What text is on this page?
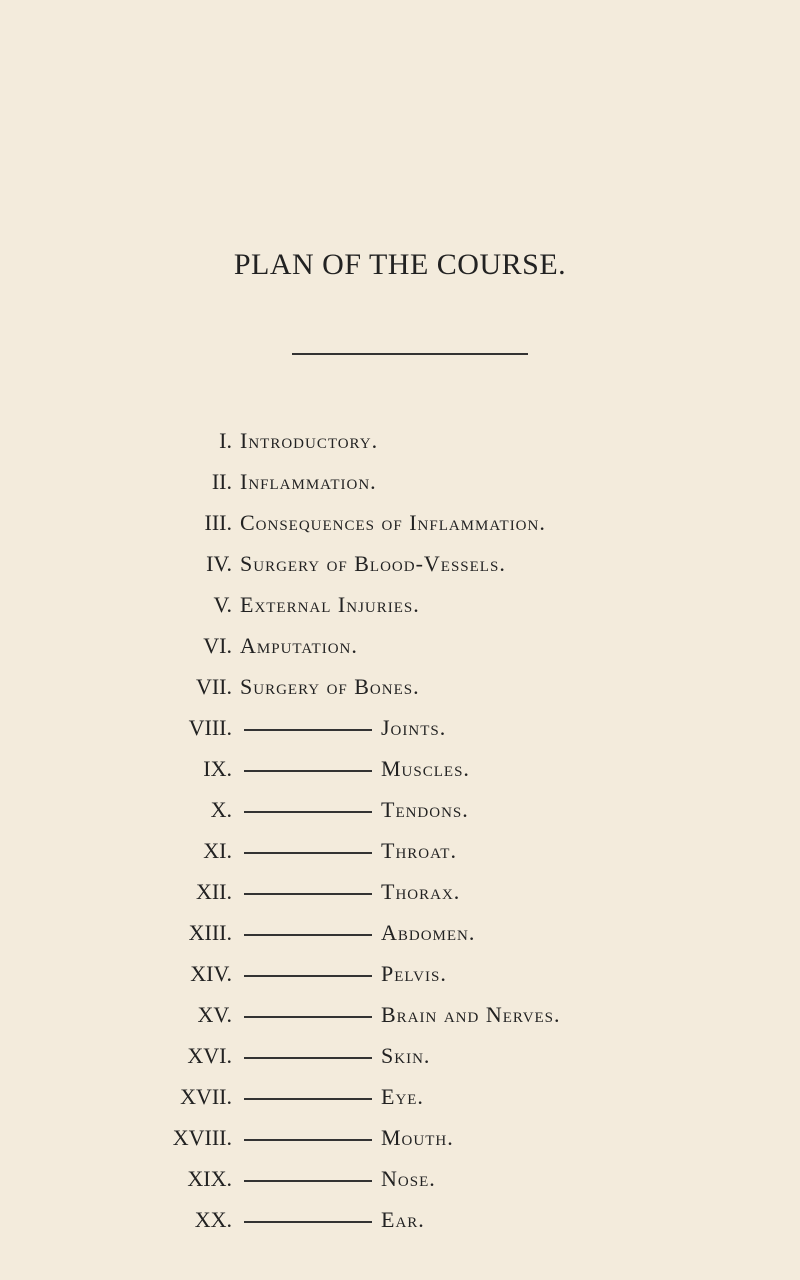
PLAN OF THE COURSE.
I. Introductory.
II. Inflammation.
III. Consequences of Inflammation.
IV. Surgery of Blood-Vessels.
V. External Injuries.
VI. Amputation.
VII. Surgery of Bones.
VIII.	Joints.
IX.	Muscles.
X.	Tendons.
XI.	Throat.
XII.	Thorax.
XIII.	Abdomen.
XIV.	Pelvis.
XV.	Brain and Nerves.
XVI.	Skin.
XVII.	Eye.
XVIII.	Mouth.
XIX.	Nose.
XX.	Ear.
